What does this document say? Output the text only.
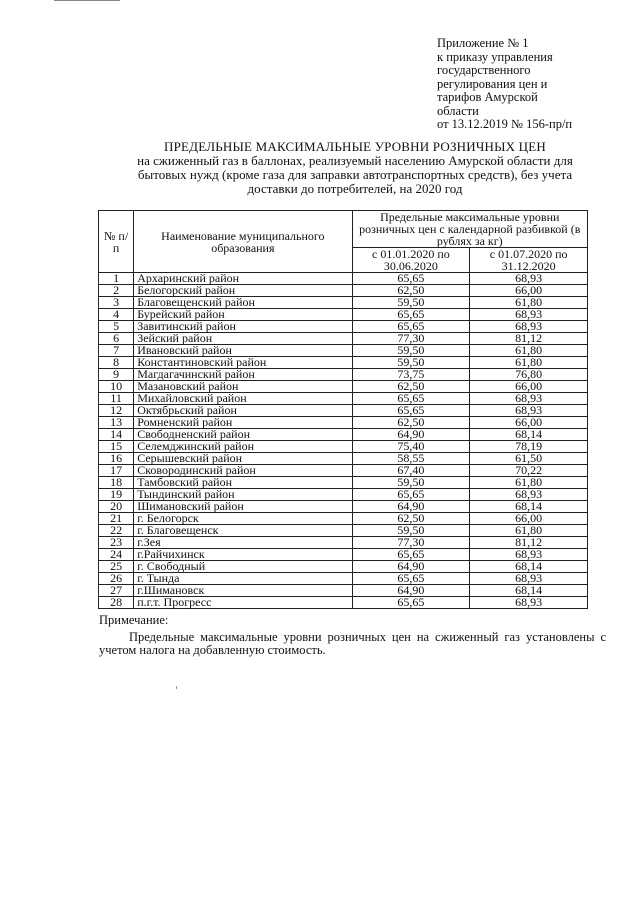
Приложение № 1
к приказу управления
государственного
регулирования цен и
тарифов Амурской
области
от 13.12.2019 № 156-пр/п
ПРЕДЕЛЬНЫЕ МАКСИМАЛЬНЫЕ УРОВНИ РОЗНИЧНЫХ ЦЕН
на сжиженный газ в баллонах, реализуемый населению Амурской области для
бытовых нужд (кроме газа для заправки автотранспортных средств), без учета
доставки до потребителей, на 2020 год
№ п/п	Наименование муниципального образования	Предельные максимальные уровни розничных цен с календарной разбивкой (в рублях за кг)	
		с 01.01.2020 по 30.06.2020	с 01.07.2020 по 31.12.2020
1	Архаринский район	65,65	68,93
2	Белогорский район	62,50	66,00
3	Благовещенский район	59,50	61,80
4	Бурейский район	65,65	68,93
5	Завитинский район	65,65	68,93
6	Зейский район	77,30	81,12
7	Ивановский район	59,50	61,80
8	Константиновский район	59,50	61,80
9	Магдагачинский район	73,75	76,80
10	Мазановский район	62,50	66,00
11	Михайловский район	65,65	68,93
12	Октябрьский район	65,65	68,93
13	Ромненский район	62,50	66,00
14	Свободненский район	64,90	68,14
15	Селемджинский район	75,40	78,19
16	Серышевский район	58,55	61,50
17	Сковородинский район	67,40	70,22
18	Тамбовский район	59,50	61,80
19	Тындинский район	65,65	68,93
20	Шимановский район	64,90	68,14
21	г. Белогорск	62,50	66,00
22	г. Благовещенск	59,50	61,80
23	г.Зея	77,30	81,12
24	г.Райчихинск	65,65	68,93
25	г. Свободный	64,90	68,14
26	г. Тында	65,65	68,93
27	г.Шимановск	64,90	68,14
28	п.г.т. Прогресс	65,65	68,93
Примечание:
Предельные максимальные уровни розничных цен на сжиженный газ установлены с учетом налога на добавленную стоимость.
